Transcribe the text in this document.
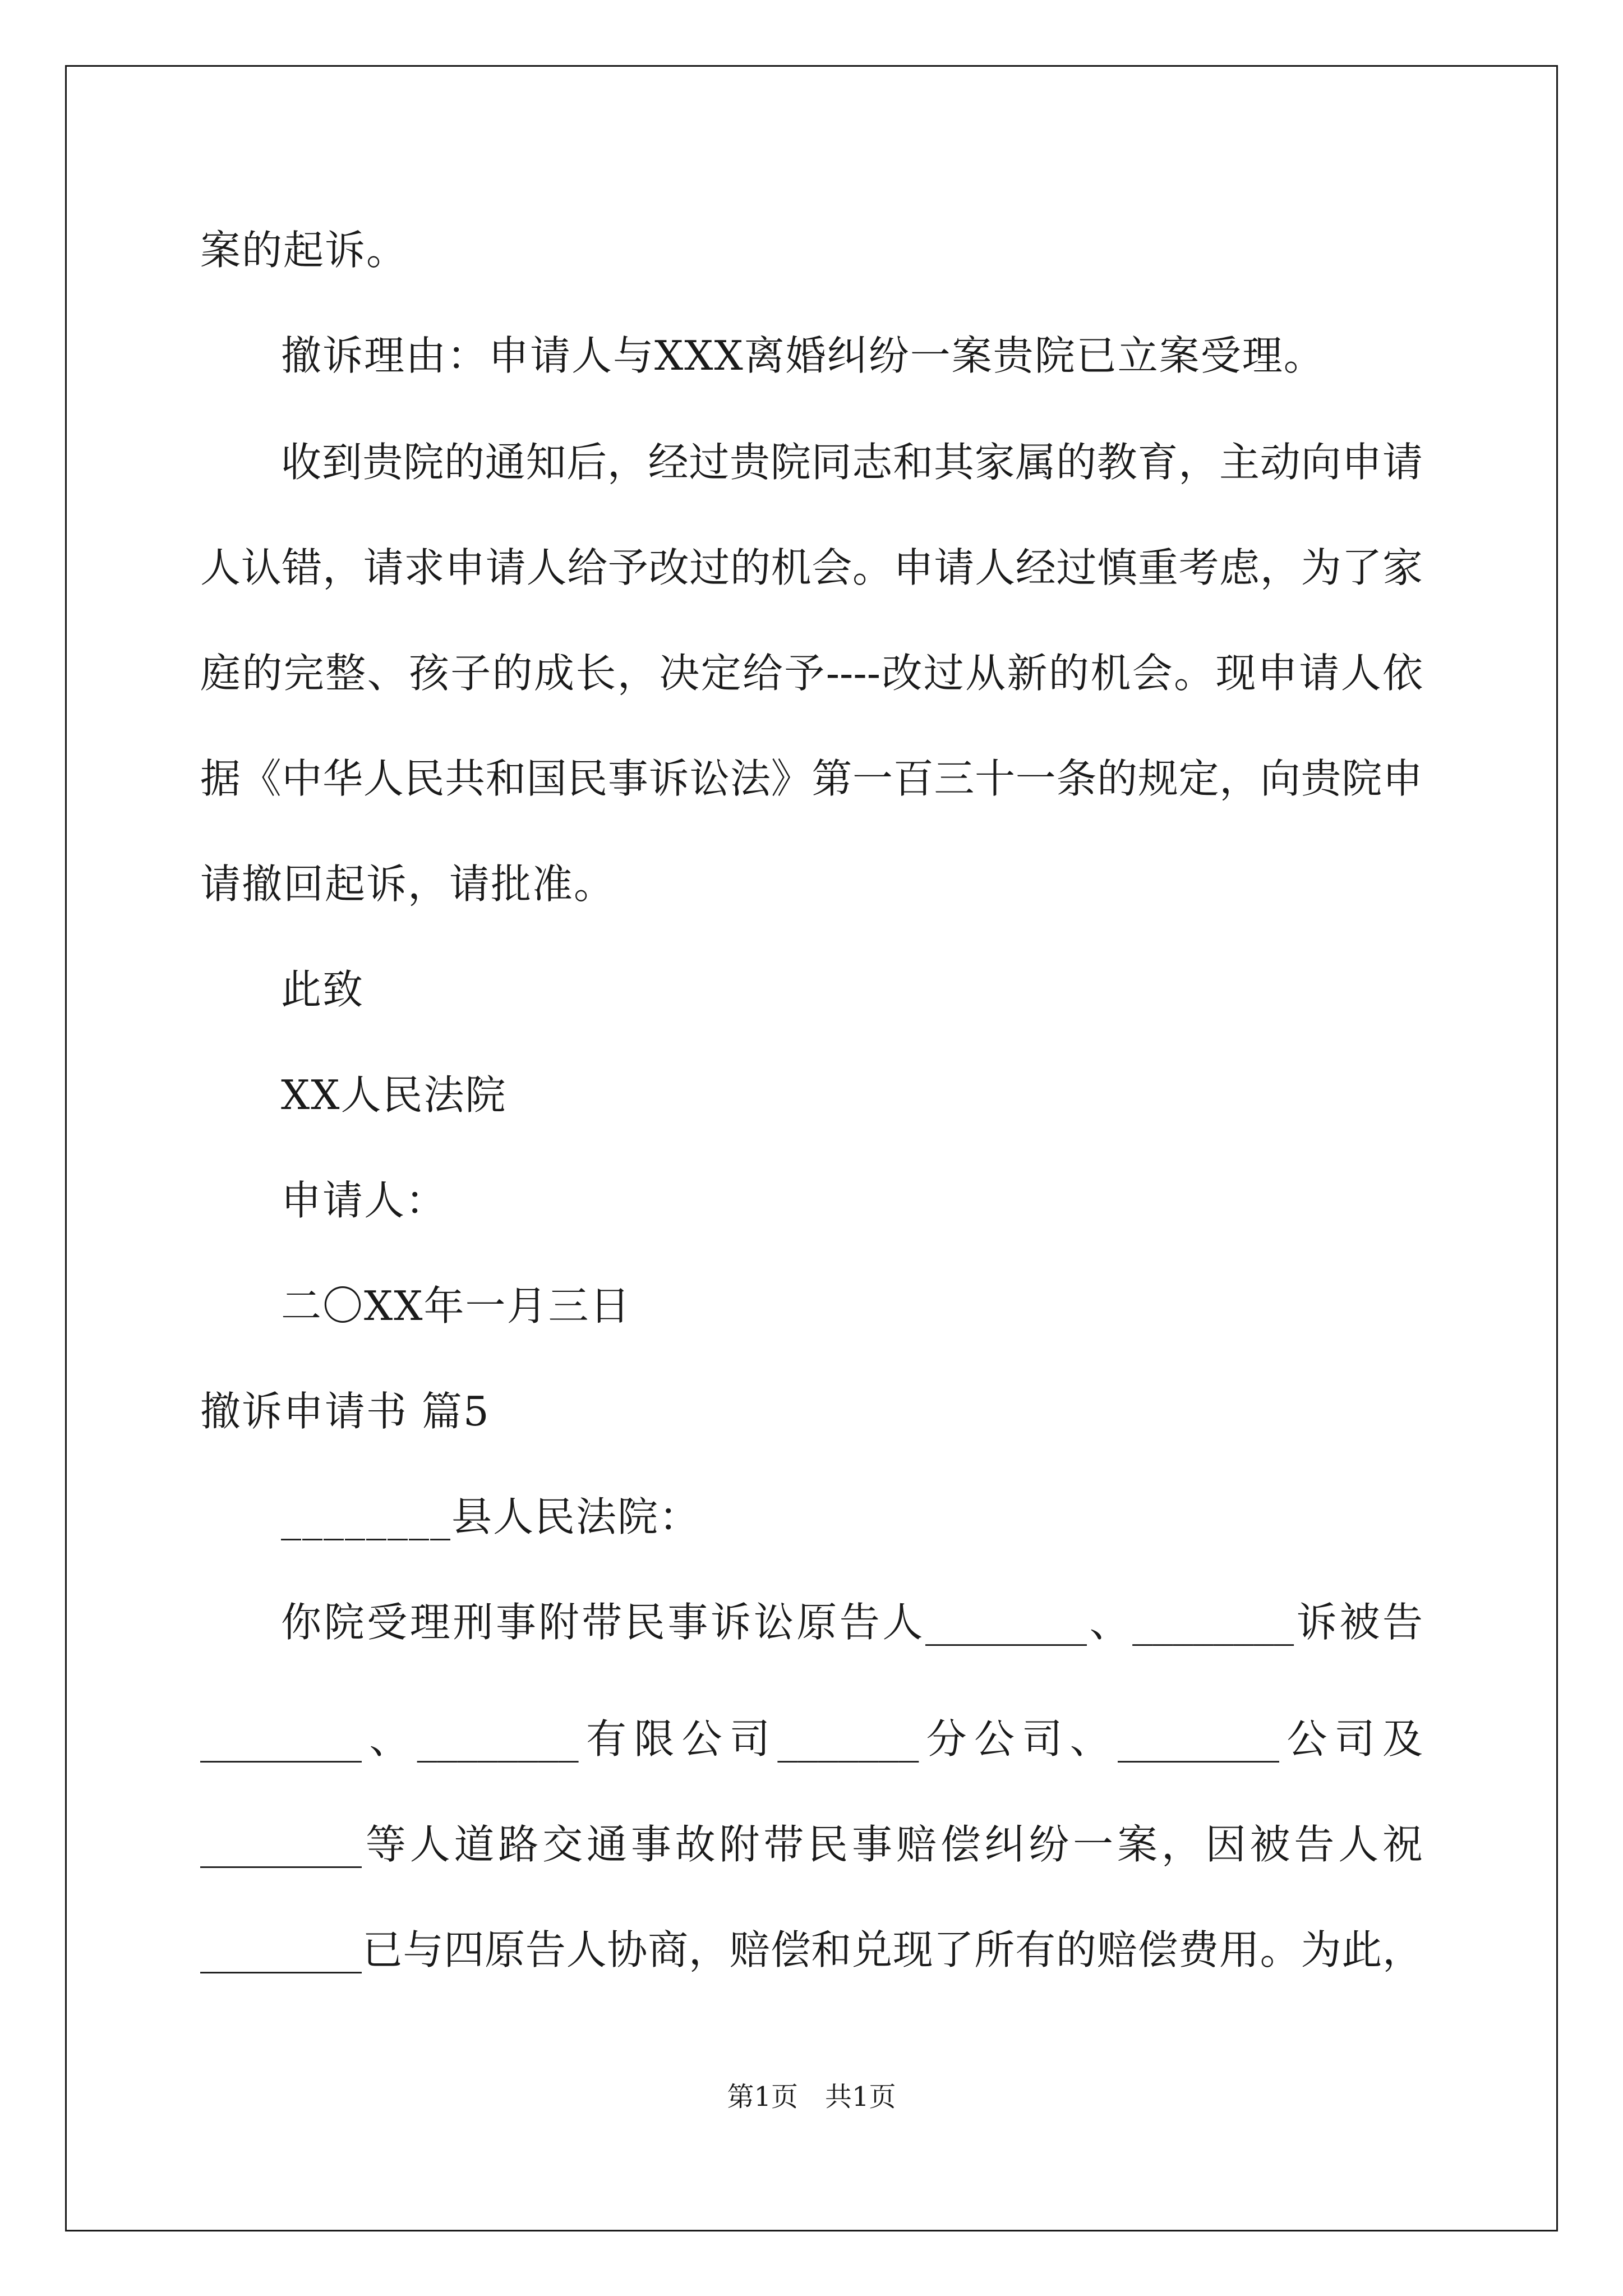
案的起诉。
撤诉理由：申请人与XXX离婚纠纷一案贵院已立案受理。
收到贵院的通知后，经过贵院同志和其家属的教育，主动向申请
人认错，请求申请人给予改过的机会。申请人经过慎重考虑，为了家
庭的完整、孩子的成长，决定给予----改过从新的机会。现申请人依
据《中华人民共和国民事诉讼法》第一百三十一条的规定，向贵院申
请撤回起诉，请批准。
此致
XX人民法院
申请人：
二〇XX年一月三日
撤诉申请书 篇5
________县人民法院：
你院受理刑事附带民事诉讼原告人________、________诉被告
________、________有限公司_______分公司、________公司及
________等人道路交通事故附带民事赔偿纠纷一案，因被告人祝
________已与四原告人协商，赔偿和兑现了所有的赔偿费用。为此，
第1页　共1页
